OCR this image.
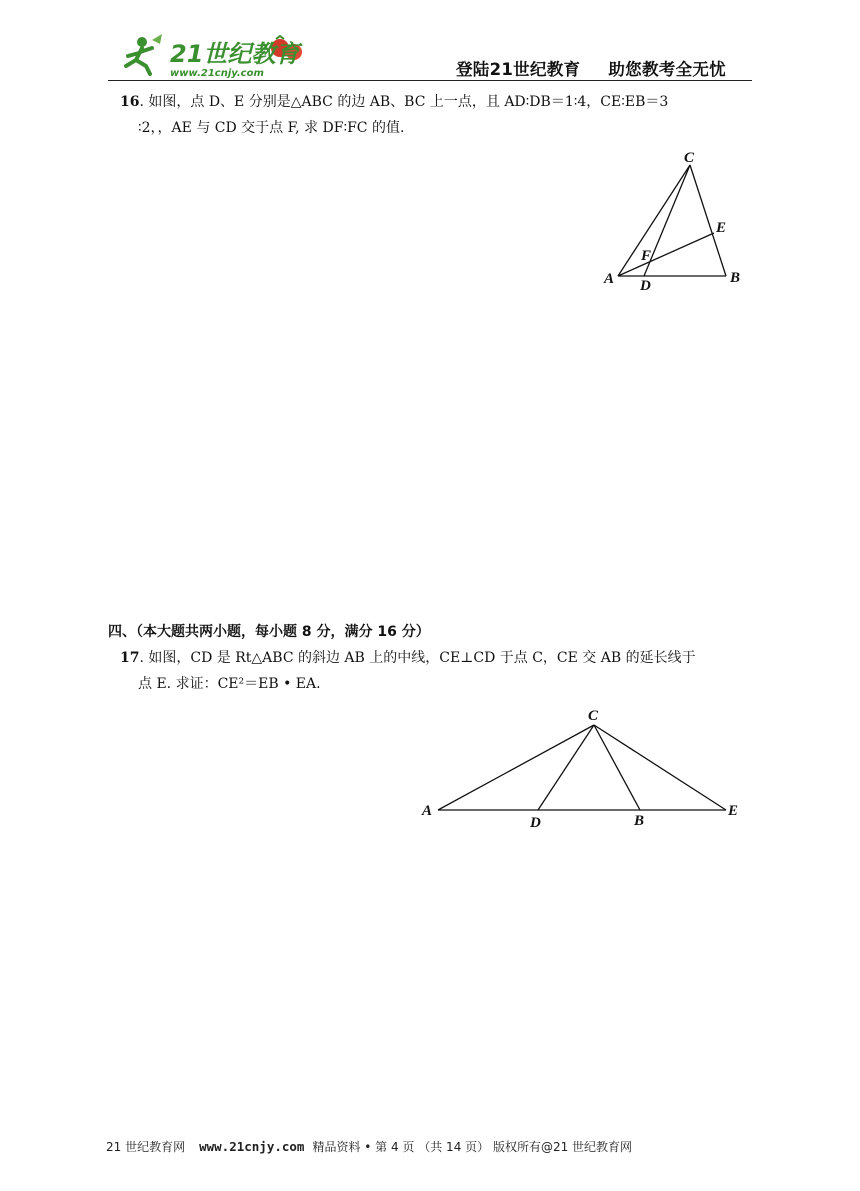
21世纪教育
www.21cnjy.com	登陆21世纪教育 助您教考全无忧
16. 如图，点 D、E 分别是△ABC 的边 AB、BC 上一点，且 AD∶DB＝1∶4，CE∶EB＝3
∶2，，AE 与 CD 交于点 F, 求 DF∶FC 的值.
C
E
F
A D	B
四、（本大题共两小题，每小题 8 分，满分 16 分）
17. 如图，CD 是 Rt△ABC 的斜边 AB 上的中线，CE⊥CD 于点 C，CE 交 AB 的延长线于
点 E. 求证：CE²＝EB • EA.
C
A
D	B
E
21 世纪教育网 www.21cnjy.com 精品资料 • 第 4 页 （共 14 页） 版权所有@21 世纪教育网
